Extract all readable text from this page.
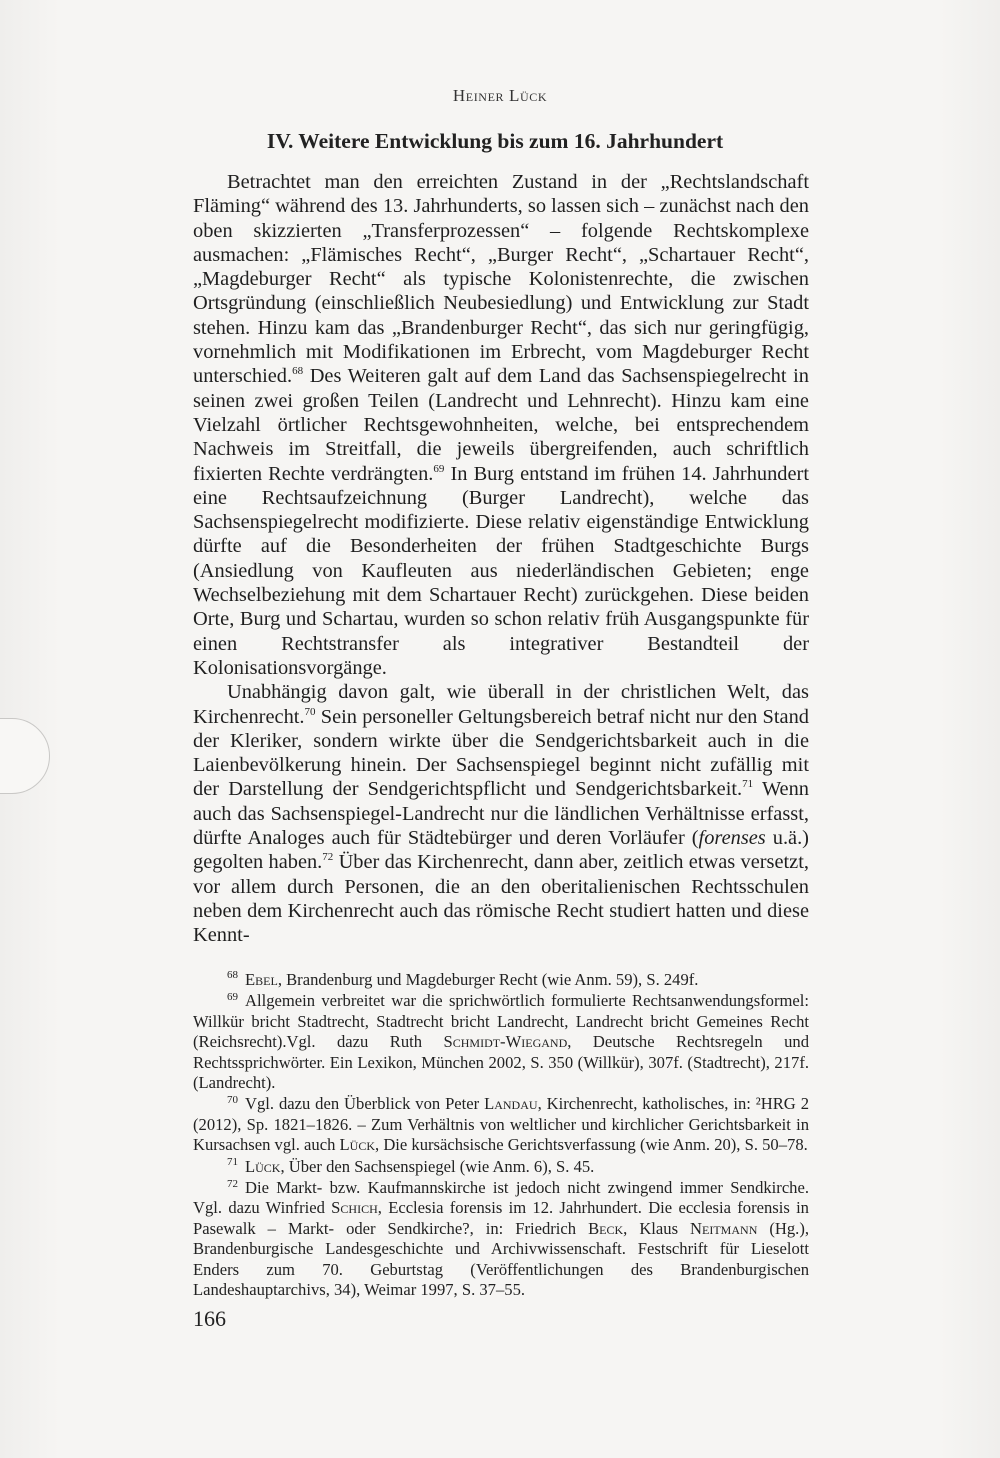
Heiner Lück
IV. Weitere Entwicklung bis zum 16. Jahrhundert

Betrachtet man den erreichten Zustand in der „Rechtslandschaft Fläming“ während des 13. Jahrhunderts, so lassen sich – zunächst nach den oben skizzierten „Transferprozessen“ – folgende Rechtskomplexe ausmachen: „Flämisches Recht“, „Burger Recht“, „Schartauer Recht“, „Magdeburger Recht“ als typische Kolonistenrechte, die zwischen Ortsgründung (einschließlich Neubesiedlung) und Entwicklung zur Stadt stehen. Hinzu kam das „Brandenburger Recht“, das sich nur geringfügig, vornehmlich mit Modifikationen im Erbrecht, vom Magdeburger Recht unterschied.$^{68}$ Des Weiteren galt auf dem Land das Sachsenspiegelrecht in seinen zwei großen Teilen (Landrecht und Lehnrecht). Hinzu kam eine Vielzahl örtlicher Rechtsgewohnheiten, welche, bei entsprechendem Nachweis im Streitfall, die jeweils übergreifenden, auch schriftlich fixierten Rechte verdrängten.$^{69}$ In Burg entstand im frühen 14. Jahrhundert eine Rechtsaufzeichnung (Burger Landrecht), welche das Sachsenspiegelrecht modifizierte. Diese relativ eigenständige Entwicklung dürfte auf die Besonderheiten der frühen Stadtgeschichte Burgs (Ansiedlung von Kaufleuten aus niederländischen Gebieten; enge Wechselbeziehung mit dem Schartauer Recht) zurückgehen. Diese beiden Orte, Burg und Schartau, wurden so schon relativ früh Ausgangspunkte für einen Rechtstransfer als integrativer Bestandteil der Kolonisationsvorgänge.

Unabhängig davon galt, wie überall in der christlichen Welt, das Kirchenrecht.$^{70}$ Sein personeller Geltungsbereich betraf nicht nur den Stand der Kleriker, sondern wirkte über die Sendgerichtsbarkeit auch in die Laienbevölkerung hinein. Der Sachsenspiegel beginnt nicht zufällig mit der Darstellung der Sendgerichtspflicht und Sendgerichtsbarkeit.$^{71}$ Wenn auch das Sachsenspiegel-Landrecht nur die ländlichen Verhältnisse erfasst, dürfte Analoges auch für Städtebürger und deren Vorläufer (forenses u.ä.) gegolten haben.$^{72}$ Über das Kirchenrecht, dann aber, zeitlich etwas versetzt, vor allem durch Personen, die an den oberitalienischen Rechtsschulen neben dem Kirchenrecht auch das römische Recht studiert hatten und diese Kennt-

$^{68}$ Ebel, Brandenburg und Magdeburger Recht (wie Anm. 59), S. 249f.

$^{69}$ Allgemein verbreitet war die sprichwörtlich formulierte Rechtsanwendungsformel: Willkür bricht Stadtrecht, Stadtrecht bricht Landrecht, Landrecht bricht Gemeines Recht (Reichsrecht).Vgl. dazu Ruth Schmidt-Wiegand, Deutsche Rechtsregeln und Rechtssprichwörter. Ein Lexikon, München 2002, S. 350 (Willkür), 307f. (Stadtrecht), 217f. (Landrecht).

$^{70}$ Vgl. dazu den Überblick von Peter Landau, Kirchenrecht, katholisches, in: ²HRG 2 (2012), Sp. 1821–1826. – Zum Verhältnis von weltlicher und kirchlicher Gerichtsbarkeit in Kursachsen vgl. auch Lück, Die kursächsische Gerichtsverfassung (wie Anm. 20), S. 50–78.

$^{71}$ Lück, Über den Sachsenspiegel (wie Anm. 6), S. 45.

$^{72}$ Die Markt- bzw. Kaufmannskirche ist jedoch nicht zwingend immer Sendkirche. Vgl. dazu Winfried Schich, Ecclesia forensis im 12. Jahrhundert. Die ecclesia forensis in Pasewalk – Markt- oder Sendkirche?, in: Friedrich Beck, Klaus Neitmann (Hg.), Brandenburgische Landesgeschichte und Archivwissenschaft. Festschrift für Lieselott Enders zum 70. Geburtstag (Veröffentlichungen des Brandenburgischen Landeshauptarchivs, 34), Weimar 1997, S. 37–55.

166
